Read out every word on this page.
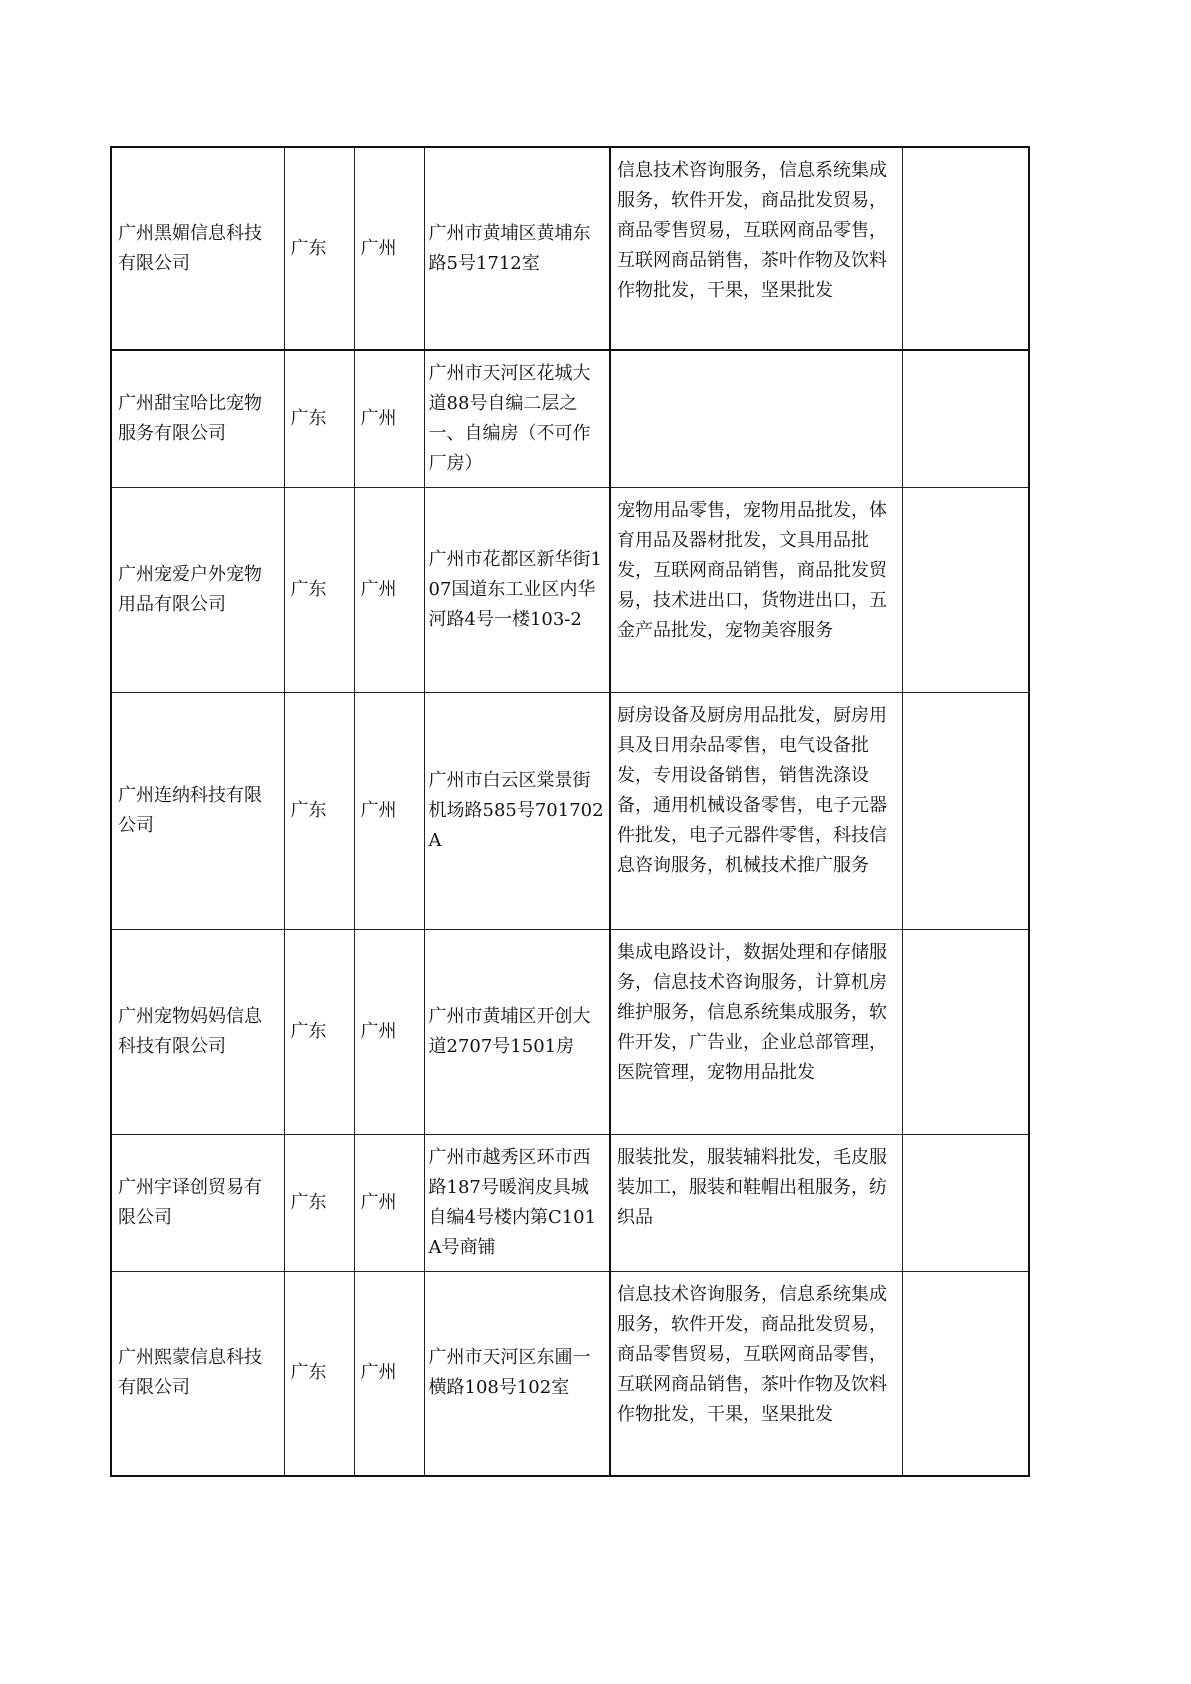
广州黑媚信息科技有限公司	广东	广州	广州市黄埔区黄埔东路5号1712室	信息技术咨询服务，信息系统集成服务，软件开发，商品批发贸易，商品零售贸易，互联网商品零售，互联网商品销售，茶叶作物及饮料作物批发，干果，坚果批发	
广州甜宝哈比宠物服务有限公司	广东	广州	广州市天河区花城大道88号自编二层之一、自编房（不可作厂房）		
广州宠爱户外宠物用品有限公司	广东	广州	广州市花都区新华街107国道东工业区内华河路4号一楼103-2	宠物用品零售，宠物用品批发，体育用品及器材批发，文具用品批发，互联网商品销售，商品批发贸易，技术进出口，货物进出口，五金产品批发，宠物美容服务	
广州连纳科技有限公司	广东	广州	广州市白云区棠景街机场路585号701702A	厨房设备及厨房用品批发，厨房用具及日用杂品零售，电气设备批发，专用设备销售，销售洗涤设备，通用机械设备零售，电子元器件批发，电子元器件零售，科技信息咨询服务，机械技术推广服务	
广州宠物妈妈信息科技有限公司	广东	广州	广州市黄埔区开创大道2707号1501房	集成电路设计，数据处理和存储服务，信息技术咨询服务，计算机房维护服务，信息系统集成服务，软件开发，广告业，企业总部管理，医院管理，宠物用品批发	
广州宇译创贸易有限公司	广东	广州	广州市越秀区环市西路187号暖润皮具城自编4号楼内第C101A号商铺	服装批发，服装辅料批发，毛皮服装加工，服装和鞋帽出租服务，纺织品	
广州熙蒙信息科技有限公司	广东	广州	广州市天河区东圃一横路108号102室	信息技术咨询服务，信息系统集成服务，软件开发，商品批发贸易，商品零售贸易，互联网商品零售，互联网商品销售，茶叶作物及饮料作物批发，干果，坚果批发	
